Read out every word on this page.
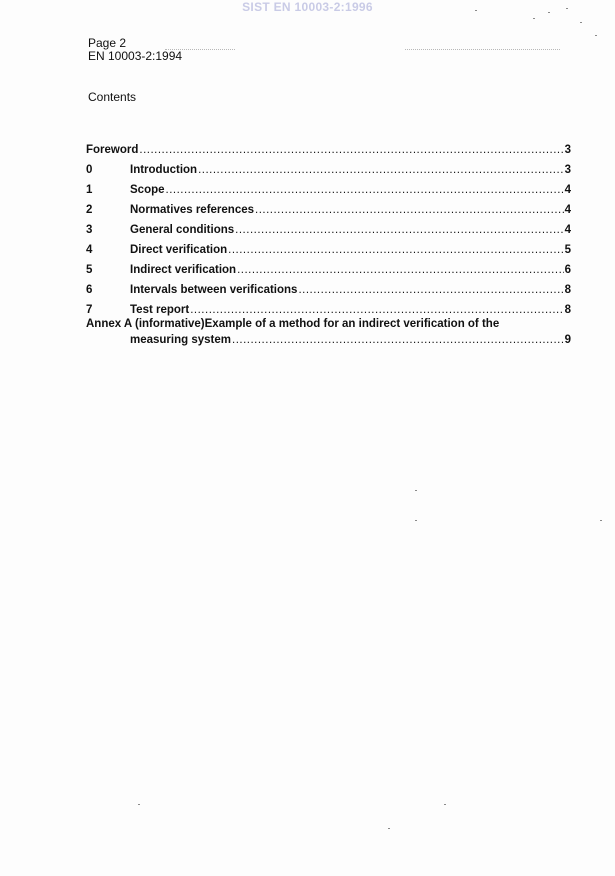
SIST EN 10003-2:1996
Page 2
EN 10003-2:1994
Contents
Foreword .....	3
0	Introduction .....	3
1	Scope .....	4
2	Normatives references .....	4
3	General conditions .....	4
4	Direct verification .....	5
5	Indirect verification .....	6
6	Intervals between verifications .....	8
7	Test report .....	8
Annex A (informative)Example of a method for an indirect verification of the
measuring system .....	9
